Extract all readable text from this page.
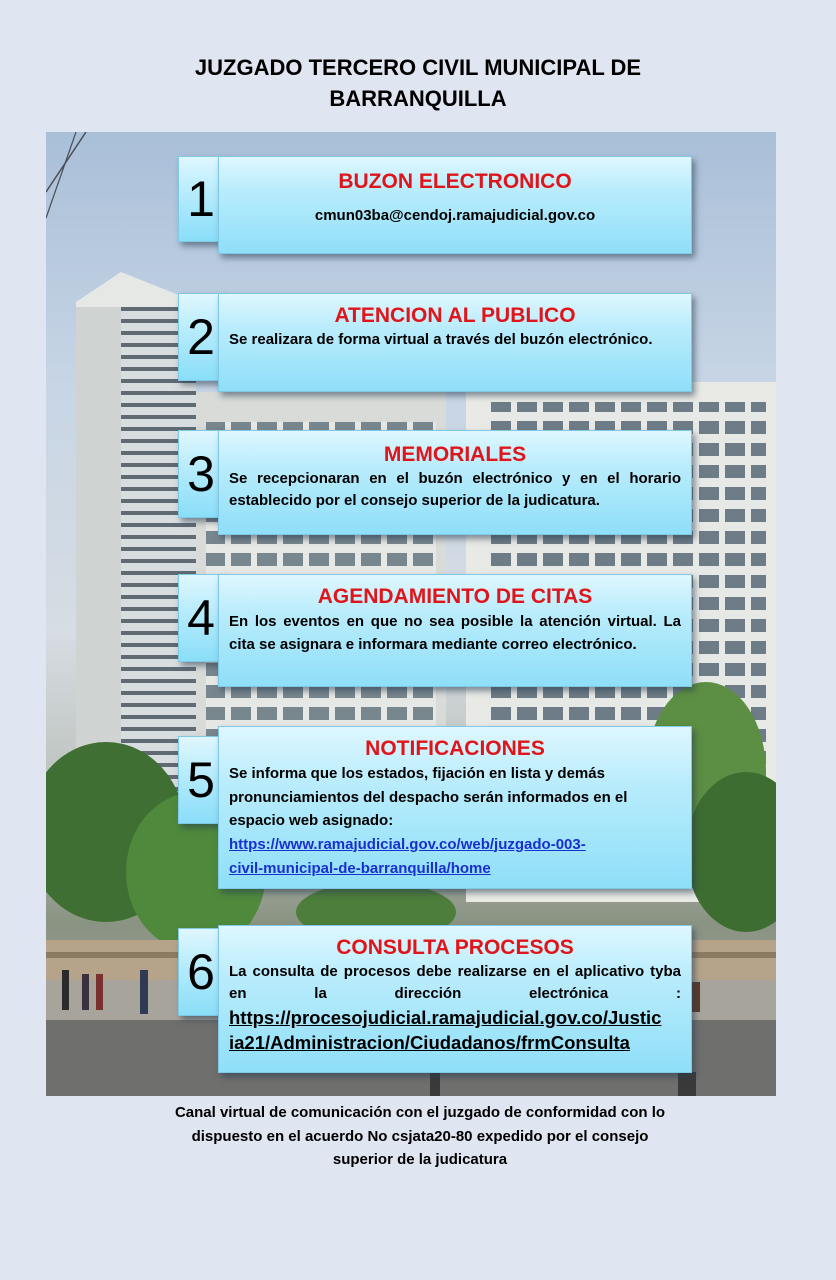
JUZGADO TERCERO CIVIL MUNICIPAL DE
BARRANQUILLA
1	BUZON ELECTRONICO
cmun03ba@cendoj.ramajudicial.gov.co
2	ATENCION AL PUBLICO
Se realizara de forma virtual a través del buzón electrónico.
3	MEMORIALES
Se recepcionaran en el buzón electrónico y en el horario establecido por el consejo superior de la judicatura.
4	AGENDAMIENTO DE CITAS
En los eventos en que no sea posible la atención virtual. La cita se asignara e informara mediante correo electrónico.
5
NOTIFICACIONES
Se informa que los estados, fijación en lista y demás pronunciamientos del despacho serán informados en el espacio web asignado:
https://www.ramajudicial.gov.co/web/juzgado-003-
civil-municipal-de-barranquilla/home
6	CONSULTA PROCESOS
La consulta de procesos debe realizarse en el aplicativo tyba en la dirección electrónica :
https://procesojudicial.ramajudicial.gov.co/Justic
ia21/Administracion/Ciudadanos/frmConsulta
Canal virtual de comunicación con el juzgado de conformidad con lo
dispuesto en el acuerdo No csjata20-80 expedido por el consejo
superior de la judicatura
